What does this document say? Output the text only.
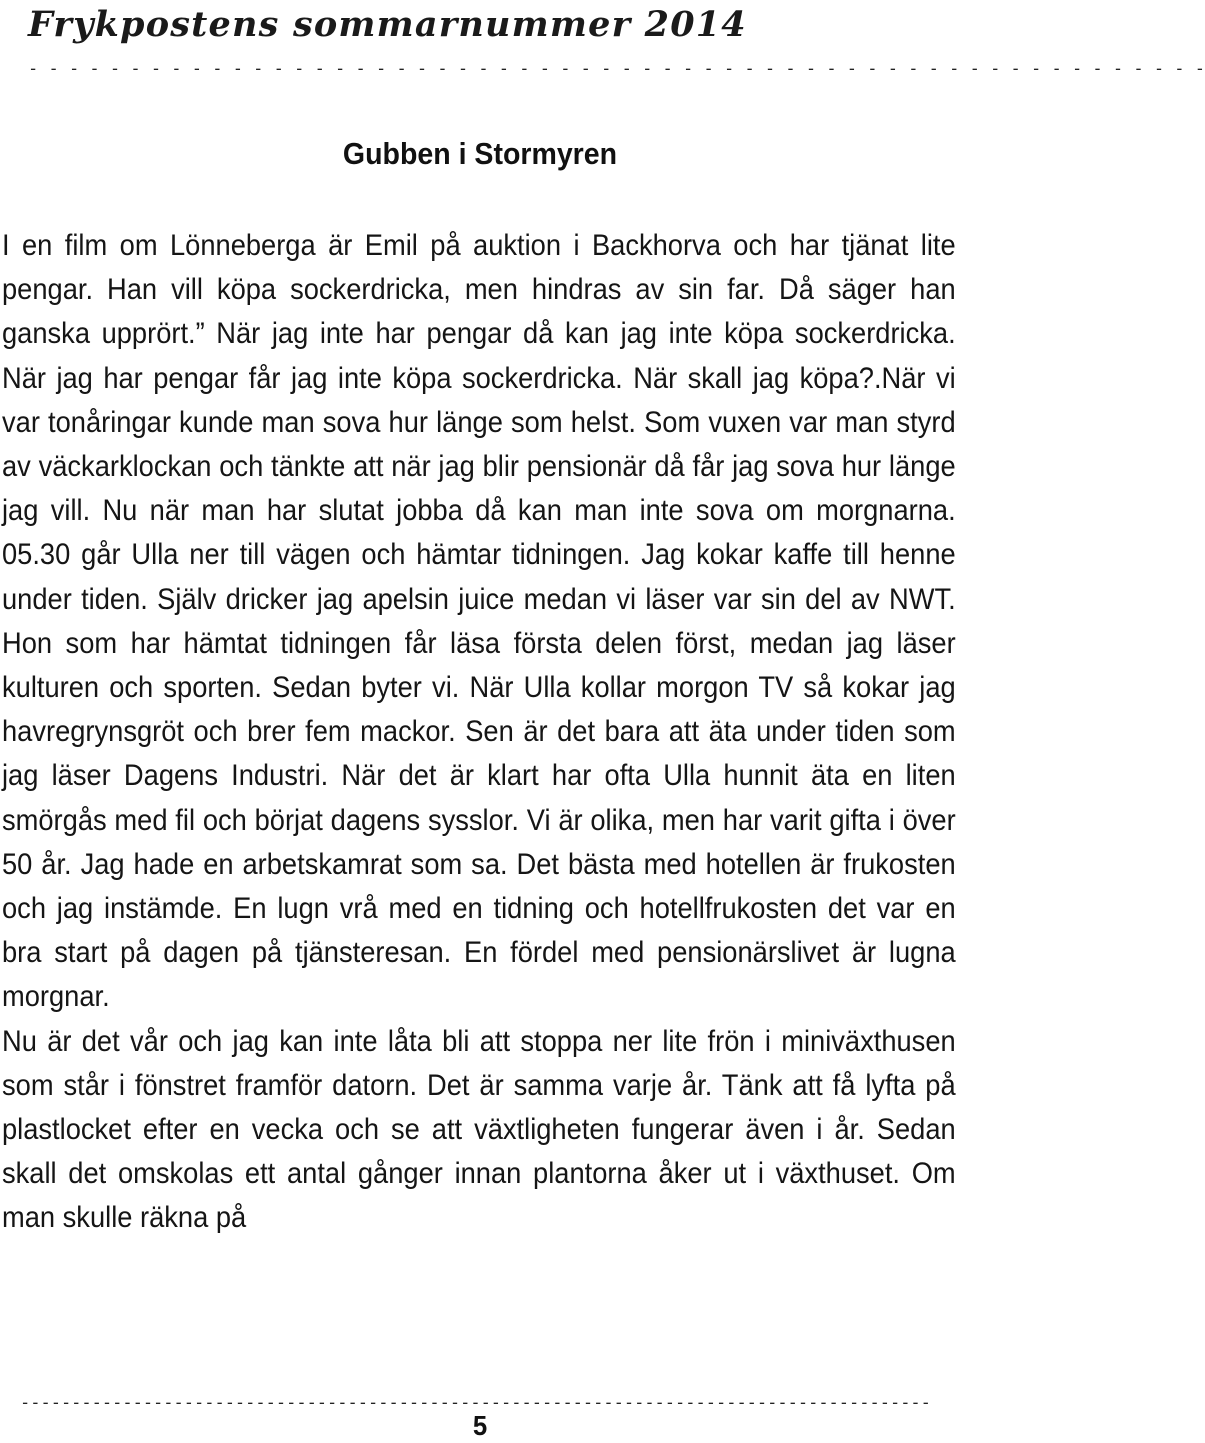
Frykpostens sommarnummer 2014
- - - - - - - - - - - - - - - - - - - - - - - - - - - - - - - - - - - - - - - - - - - - - - - - - - - - - - - - - -
Gubben i Stormyren

I en film om Lönneberga är Emil på auktion i Backhorva och har tjänat lite pengar. Han vill köpa sockerdricka, men hindras av sin far. Då säger han ganska upprört.” När jag inte har pengar då kan jag inte köpa sockerdricka. När jag har pengar får jag inte köpa sockerdricka. När skall jag köpa?.När vi var tonåringar kunde man sova hur länge som helst. Som vuxen var man styrd av väckarklockan och tänkte att när jag blir pensionär då får jag sova hur länge jag vill. Nu när man har slutat jobba då kan man inte sova om morgnarna. 05.30 går Ulla ner till vägen och hämtar tidningen. Jag kokar kaffe till henne under tiden. Själv dricker jag apelsin juice medan vi läser var sin del av NWT. Hon som har hämtat tidningen får läsa första delen först, medan jag läser kulturen och sporten. Sedan byter vi. När Ulla kollar morgon TV så kokar jag havregrynsgröt och brer fem mackor. Sen är det bara att äta under tiden som jag läser Dagens Industri. När det är klart har ofta Ulla hunnit äta en liten smörgås med fil och börjat dagens sysslor. Vi är olika, men har varit gifta i över 50 år. Jag hade en arbetskamrat som sa. Det bästa med hotellen är frukosten och jag instämde. En lugn vrå med en tidning och hotellfrukosten det var en bra start på dagen på tjänsteresan. En fördel med pensionärslivet är lugna morgnar.

Nu är det vår och jag kan inte låta bli att stoppa ner lite frön i miniväxthusen som står i fönstret framför datorn. Det är samma varje år. Tänk att få lyfta på plastlocket efter en vecka och se att växtligheten fungerar även i år. Sedan skall det omskolas ett antal gånger innan plantorna åker ut i växthuset. Om man skulle räkna på

-----------------------------------------------------------------------------------------
5
